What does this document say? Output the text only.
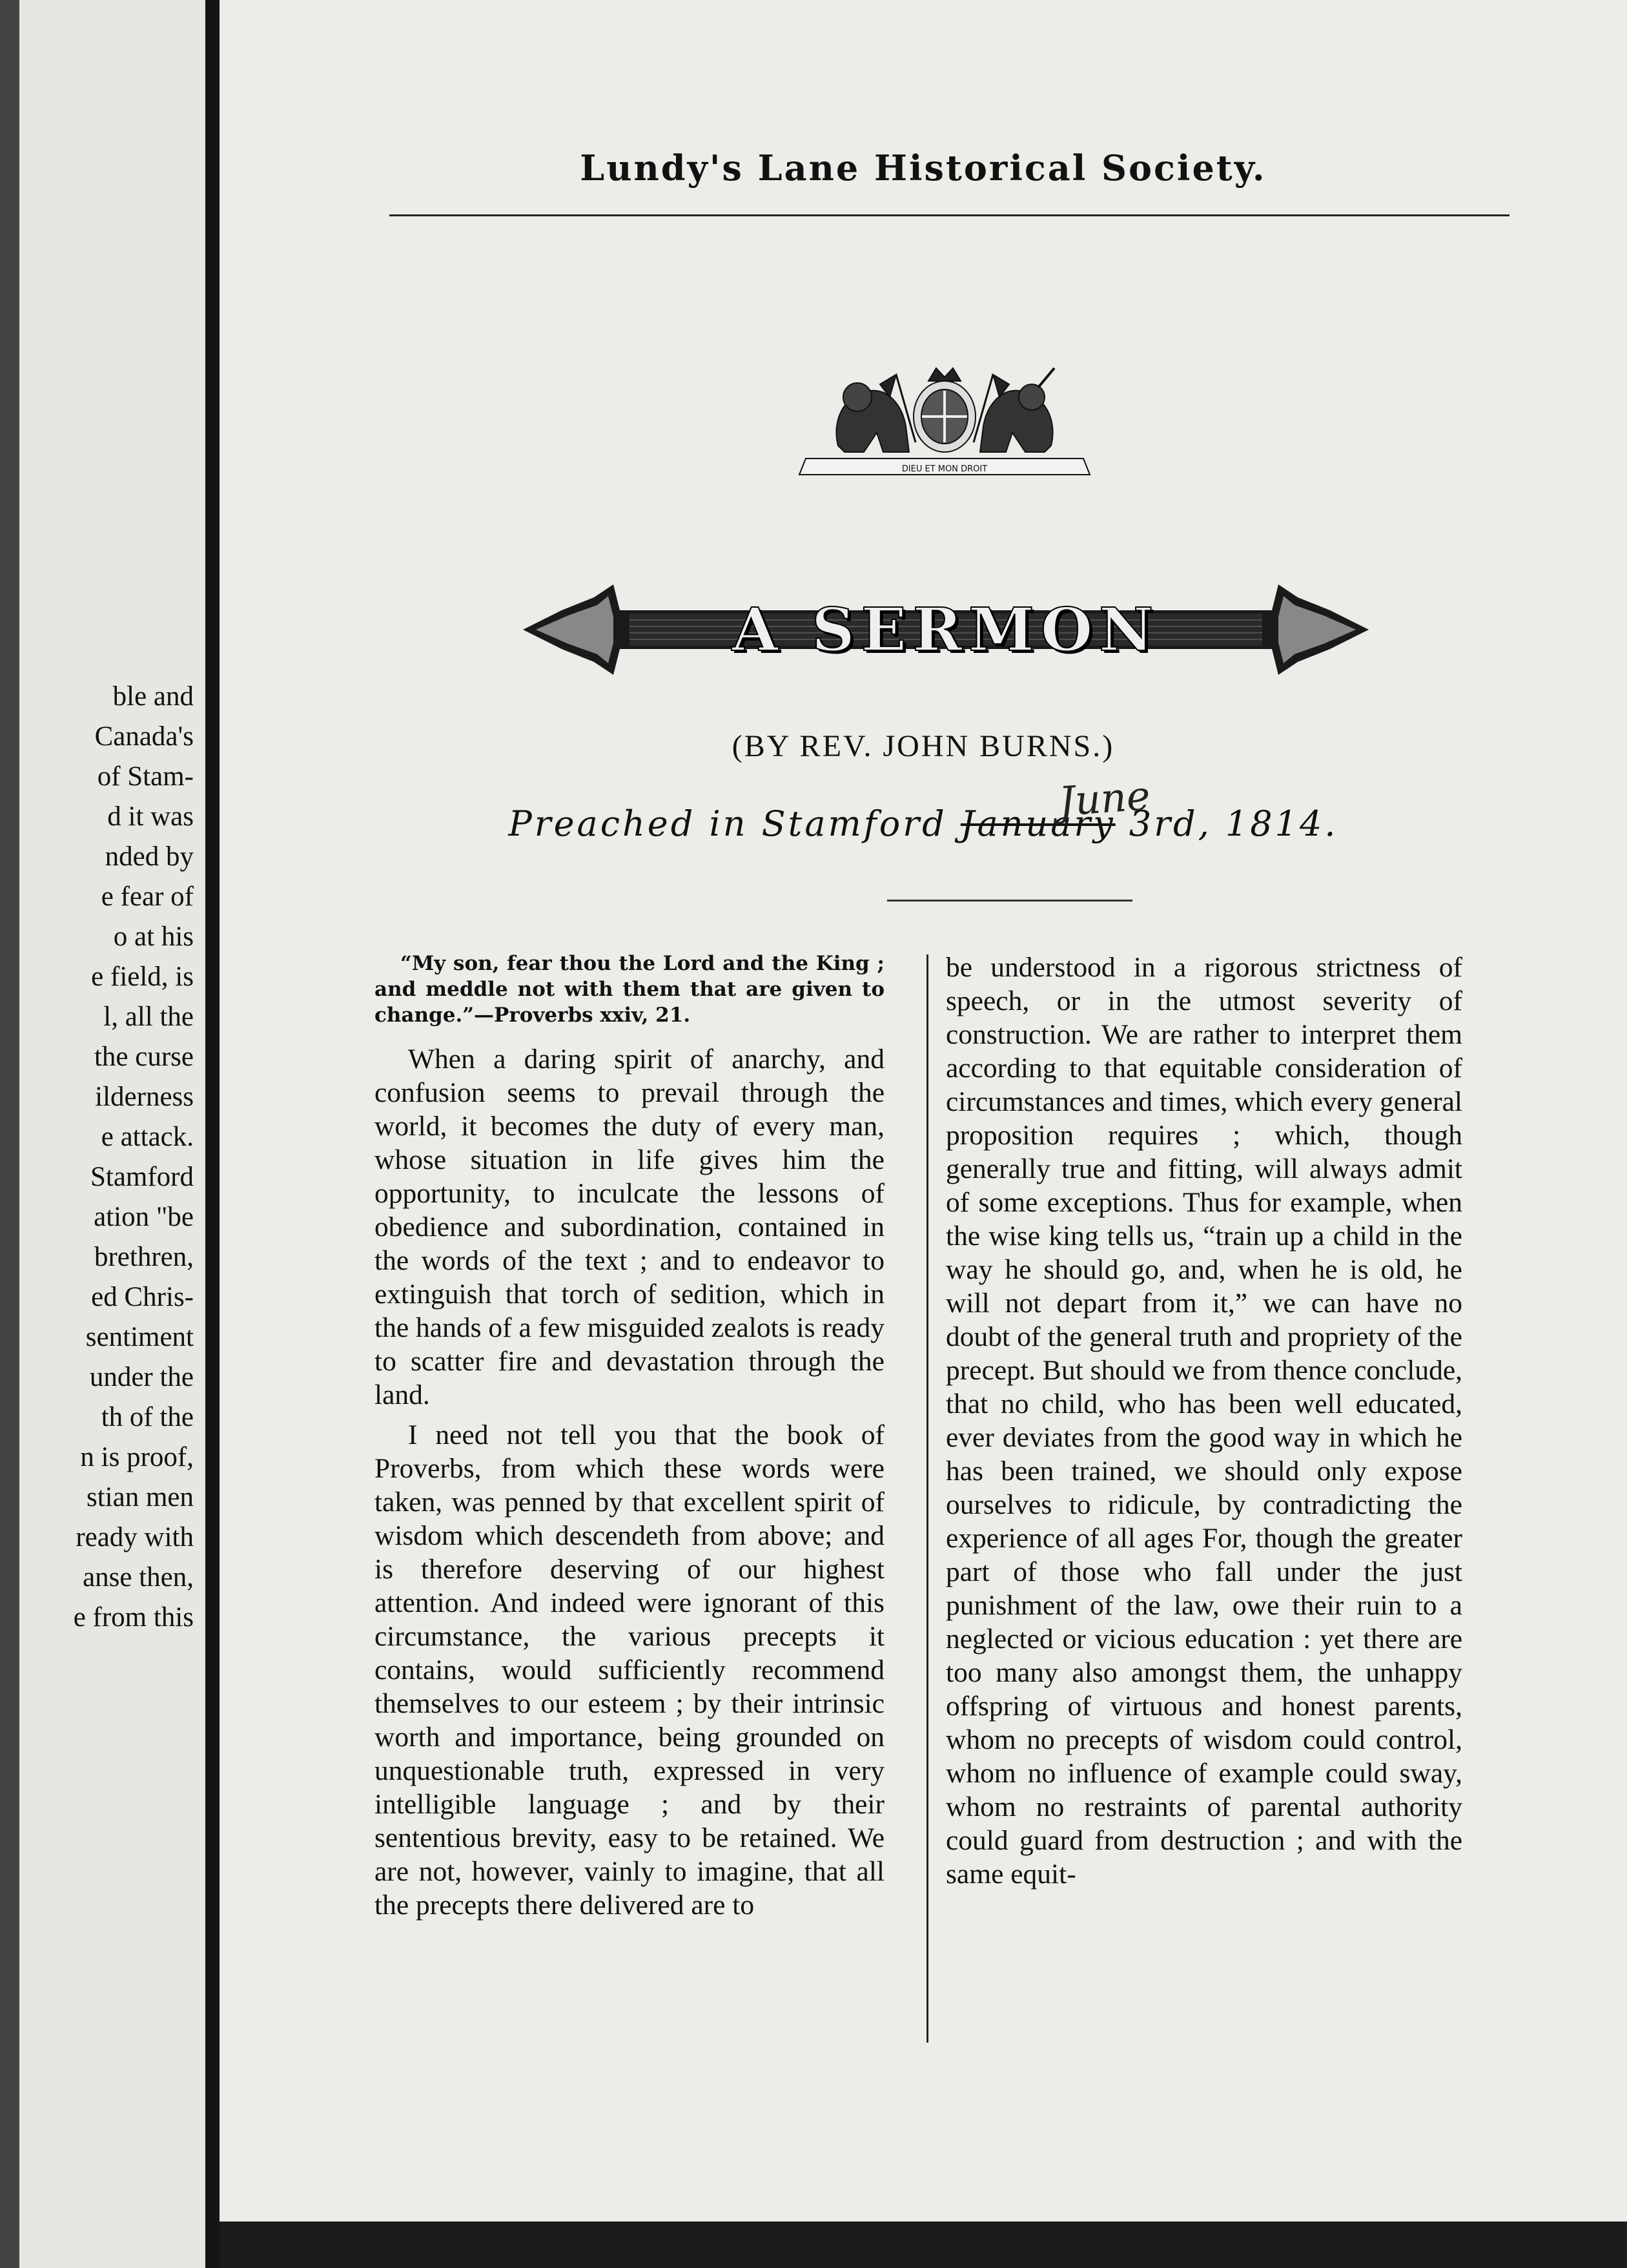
ble and
Canada's
of Stam-
d it was
nded by
e fear of
o at his
e field, is
l, all the
the curse
ilderness
e attack.
Stamford
ation "be
brethren,
ed Chris-
sentiment
under the
th of the
n is proof,
stian men
ready with
anse then,
e from this
Lundy's Lane Historical Society.
DIEU ET MON DROIT
A SERMON
(BY REV. JOHN BURNS.)
Preached in Stamford January 3rd, 1814.
June

“My son, fear thou the Lord and the King ; and meddle not with them that are given to change.”—Proverbs xxiv, 21.

When a daring spirit of anarchy, and confusion seems to prevail through the world, it becomes the duty of every man, whose situation in life gives him the opportunity, to inculcate the lessons of obedience and subordination, contained in the words of the text ; and to endeavor to extinguish that torch of sedition, which in the hands of a few misguided zealots is ready to scatter fire and devastation through the land.

I need not tell you that the book of Proverbs, from which these words were taken, was penned by that excellent spirit of wisdom which descendeth from above; and is therefore deserving of our highest attention. And indeed were ignorant of this circumstance, the various precepts it contains, would sufficiently recommend themselves to our esteem ; by their intrinsic worth and importance, being grounded on unquestionable truth, expressed in very intelligible language ; and by their sententious brevity, easy to be retained. We are not, however, vainly to imagine, that all the precepts there delivered are to

be understood in a rigorous strictness of speech, or in the utmost severity of construction. We are rather to interpret them according to that equitable consideration of circumstances and times, which every general proposition requires ; which, though generally true and fitting, will always admit of some exceptions. Thus for example, when the wise king tells us, “train up a child in the way he should go, and, when he is old, he will not depart from it,” we can have no doubt of the general truth and propriety of the precept. But should we from thence conclude, that no child, who has been well educated, ever deviates from the good way in which he has been trained, we should only expose ourselves to ridicule, by contradicting the experience of all ages For, though the greater part of those who fall under the just punishment of the law, owe their ruin to a neglected or vicious education : yet there are too many also amongst them, the unhappy offspring of virtuous and honest parents, whom no precepts of wisdom could control, whom no influence of example could sway, whom no restraints of parental authority could guard from destruction ; and with the same equit-
